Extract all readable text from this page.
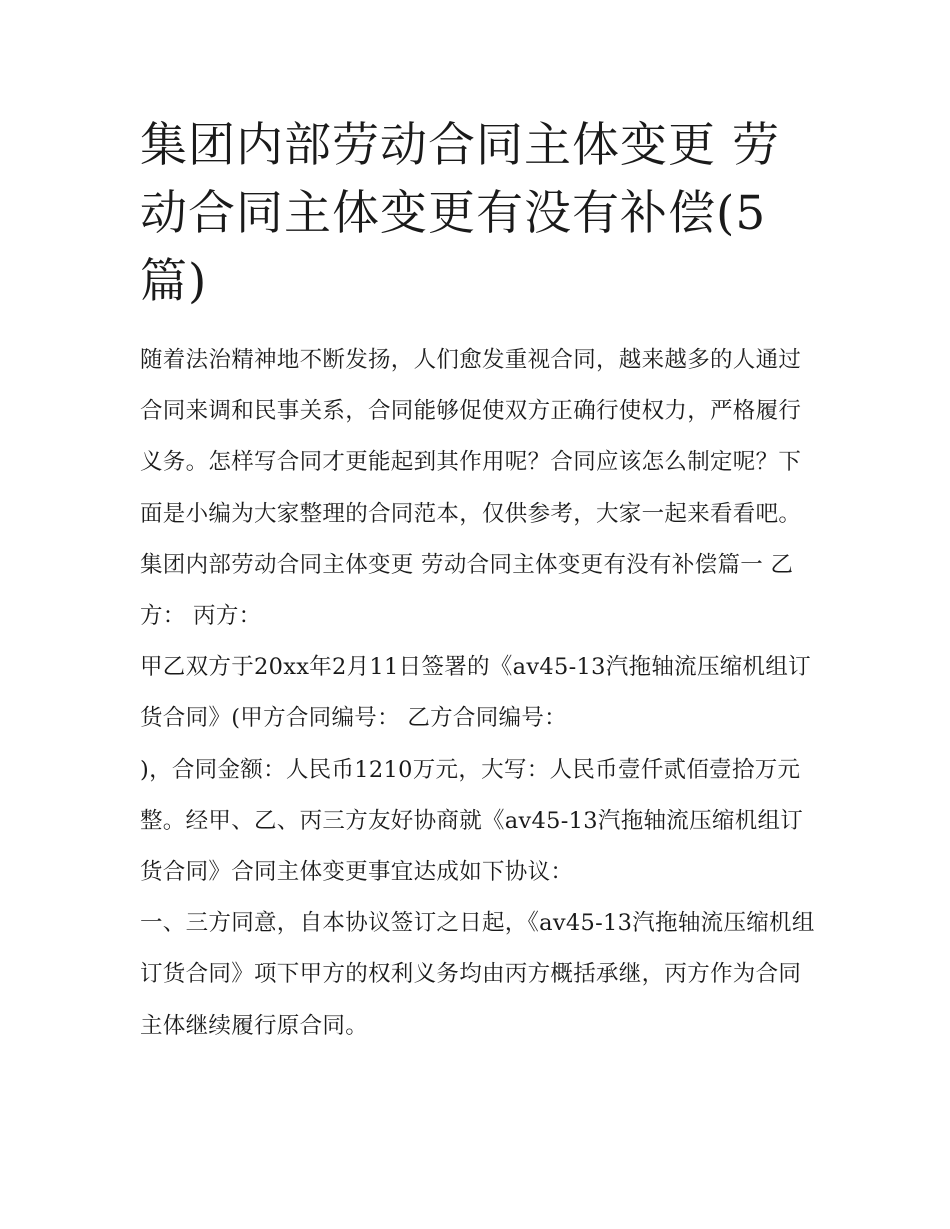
集团内部劳动合同主体变更 劳动合同主体变更有没有补偿(5篇)

随着法治精神地不断发扬，人们愈发重视合同，越来越多的人通过合同来调和民事关系，合同能够促使双方正确行使权力，严格履行义务。怎样写合同才更能起到其作用呢？合同应该怎么制定呢？下面是小编为大家整理的合同范本，仅供参考，大家一起来看看吧。

集团内部劳动合同主体变更 劳动合同主体变更有没有补偿篇一 乙方： 丙方：

甲乙双方于20xx年2月11日签署的《av45-13汽拖轴流压缩机组订货合同》(甲方合同编号： 乙方合同编号：

)，合同金额：人民币1210万元，大写：人民币壹仟贰佰壹拾万元整。经甲、乙、丙三方友好协商就《av45-13汽拖轴流压缩机组订货合同》合同主体变更事宜达成如下协议：

一、三方同意，自本协议签订之日起，《av45-13汽拖轴流压缩机组订货合同》项下甲方的权利义务均由丙方概括承继，丙方作为合同主体继续履行原合同。
